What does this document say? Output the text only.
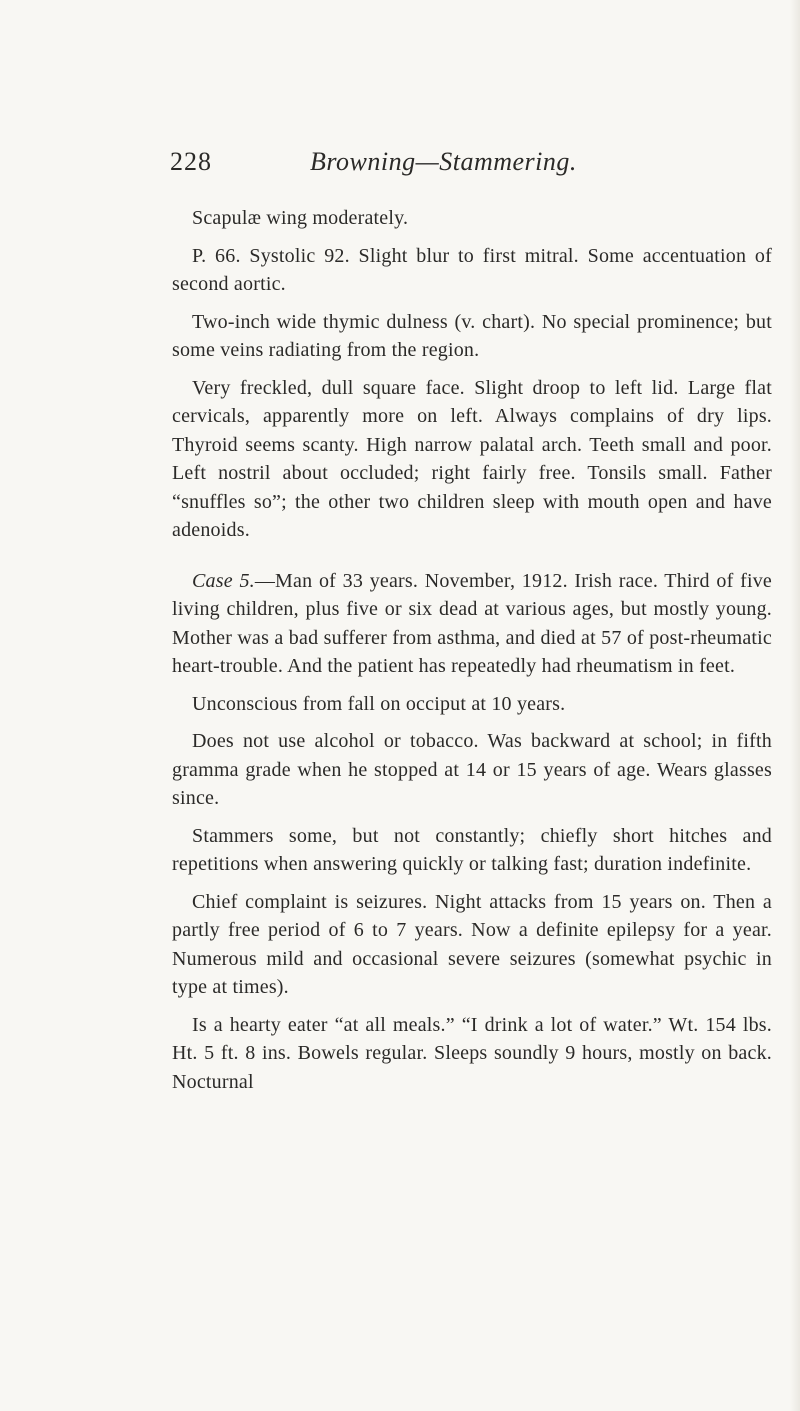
228	Browning—Stammering.

Scapulæ wing moderately.

P. 66. Systolic 92. Slight blur to first mitral. Some accentuation of second aortic.

Two-inch wide thymic dulness (v. chart). No special prominence; but some veins radiating from the region.

Very freckled, dull square face. Slight droop to left lid. Large flat cervicals, apparently more on left. Always complains of dry lips. Thyroid seems scanty. High narrow palatal arch. Teeth small and poor. Left nostril about occluded; right fairly free. Tonsils small. Father “snuffles so”; the other two children sleep with mouth open and have adenoids.

Case 5.—Man of 33 years. November, 1912. Irish race. Third of five living children, plus five or six dead at various ages, but mostly young. Mother was a bad sufferer from asthma, and died at 57 of post-rheumatic heart-trouble. And the patient has repeatedly had rheumatism in feet.

Unconscious from fall on occiput at 10 years.

Does not use alcohol or tobacco. Was backward at school; in fifth gramma grade when he stopped at 14 or 15 years of age. Wears glasses since.

Stammers some, but not constantly; chiefly short hitches and repetitions when answering quickly or talking fast; duration indefinite.

Chief complaint is seizures. Night attacks from 15 years on. Then a partly free period of 6 to 7 years. Now a definite epilepsy for a year. Numerous mild and occasional severe seizures (somewhat psychic in type at times).

Is a hearty eater “at all meals.” “I drink a lot of water.” Wt. 154 lbs. Ht. 5 ft. 8 ins. Bowels regular. Sleeps soundly 9 hours, mostly on back. Nocturnal
